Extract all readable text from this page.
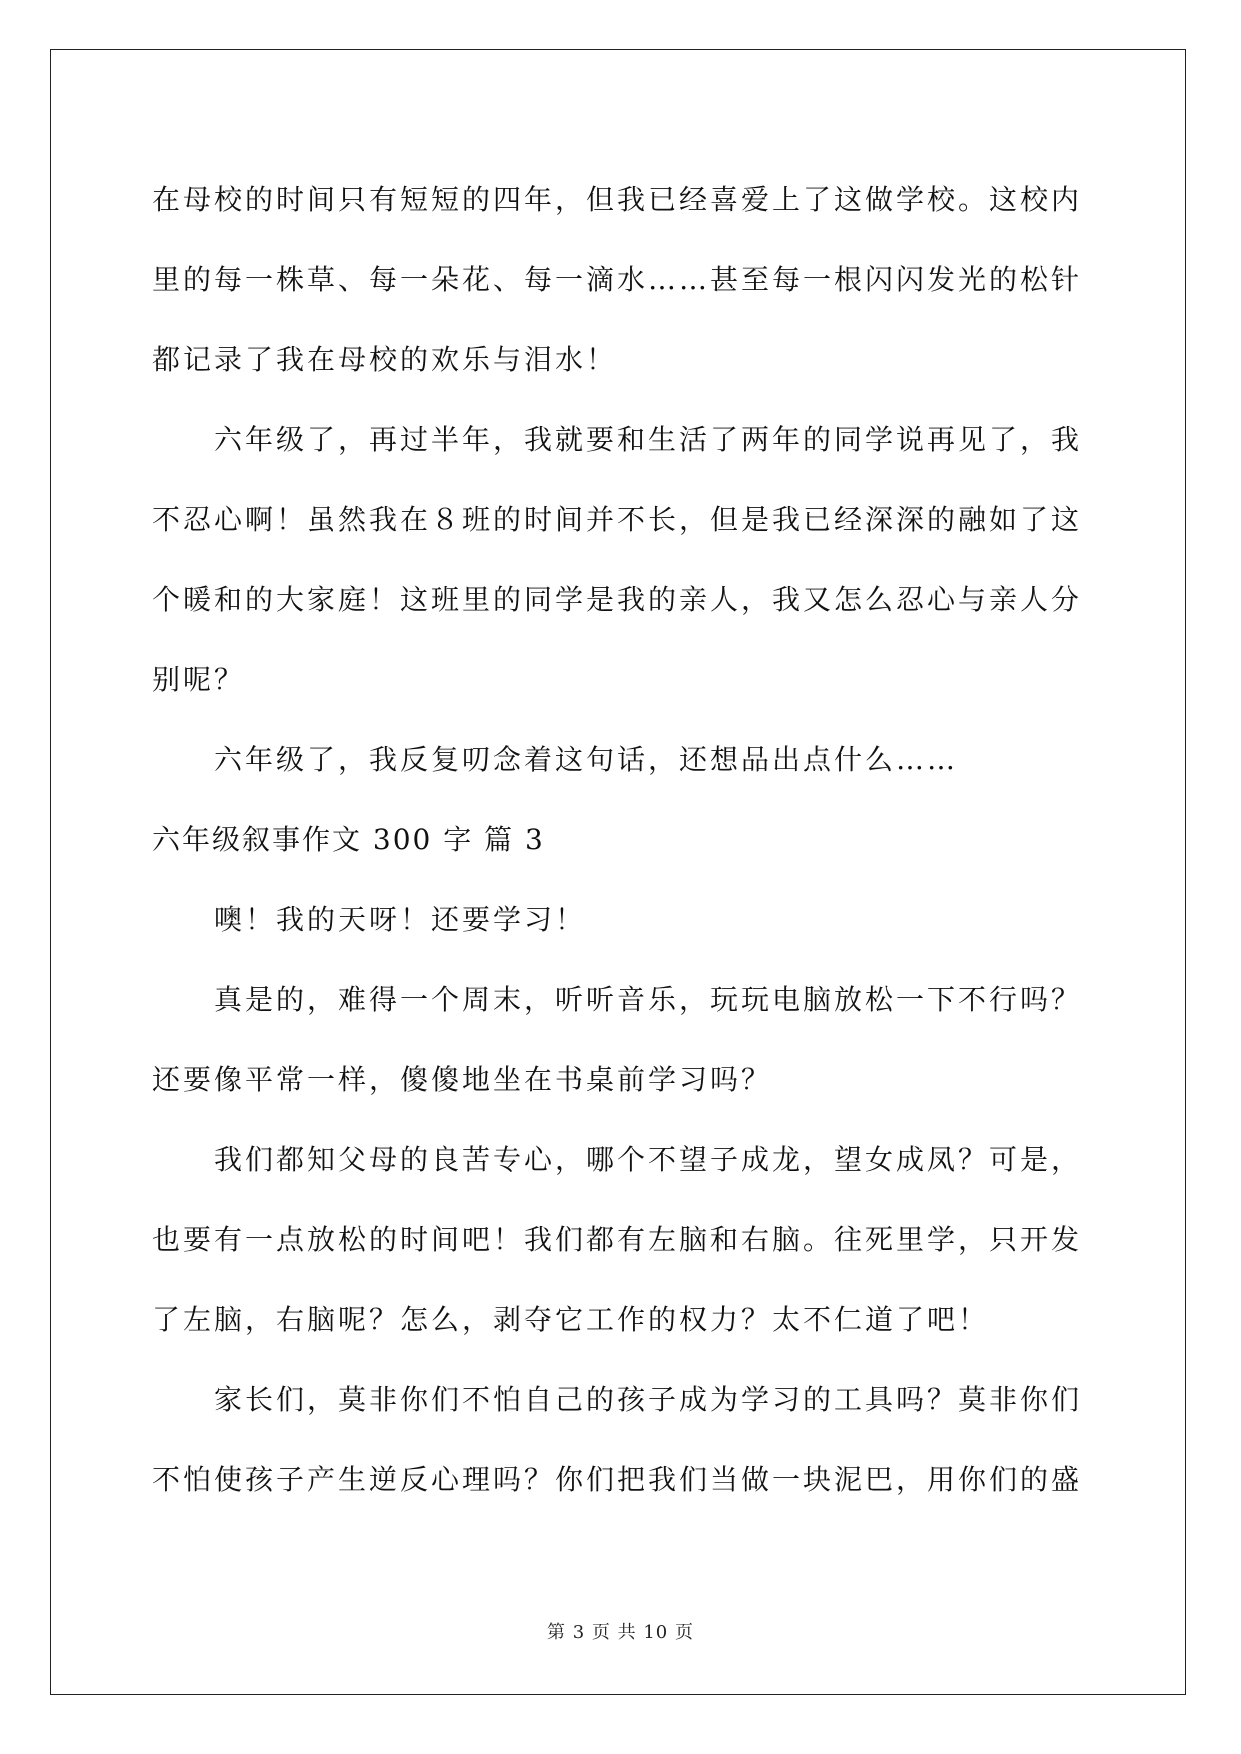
在母校的时间只有短短的四年，但我已经喜爱上了这做学校。这校内
里的每一株草、每一朵花、每一滴水……甚至每一根闪闪发光的松针
都记录了我在母校的欢乐与泪水！
六年级了，再过半年，我就要和生活了两年的同学说再见了，我
不忍心啊！虽然我在８班的时间并不长，但是我已经深深的融如了这
个暖和的大家庭！这班里的同学是我的亲人，我又怎么忍心与亲人分
别呢？
六年级了，我反复叨念着这句话，还想品出点什么……
六年级叙事作文 300 字 篇 3
噢！我的天呀！还要学习！
真是的，难得一个周末，听听音乐，玩玩电脑放松一下不行吗？
还要像平常一样，傻傻地坐在书桌前学习吗？
我们都知父母的良苦专心，哪个不望子成龙，望女成凤？可是，
也要有一点放松的时间吧！我们都有左脑和右脑。往死里学，只开发
了左脑，右脑呢？怎么，剥夺它工作的权力？太不仁道了吧！
家长们，莫非你们不怕自己的孩子成为学习的工具吗？莫非你们
不怕使孩子产生逆反心理吗？你们把我们当做一块泥巴，用你们的盛
第 3 页 共 10 页
